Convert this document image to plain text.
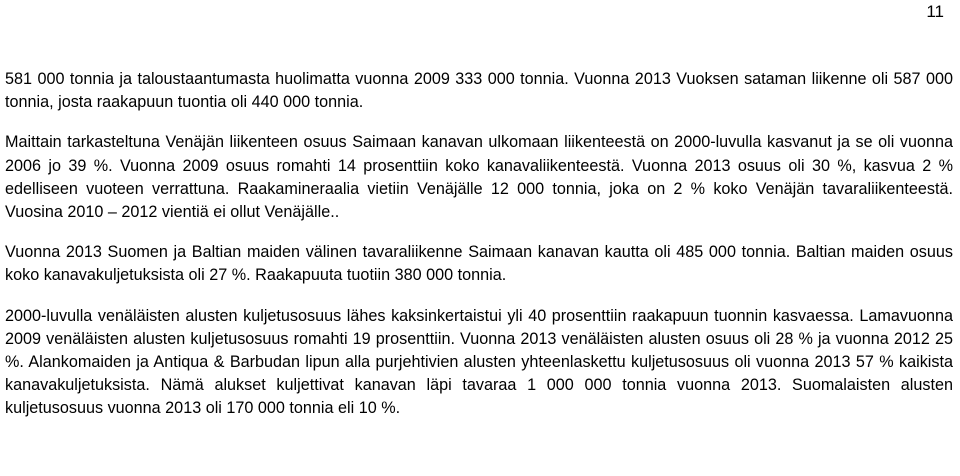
11

581 000 tonnia ja taloustaantumasta huolimatta vuonna 2009 333 000 tonnia. Vuonna 2013 Vuoksen sataman liikenne oli 587 000 tonnia, josta raakapuun tuontia oli 440 000 tonnia.

Maittain tarkasteltuna Venäjän liikenteen osuus Saimaan kanavan ulkomaan liikenteestä on 2000-luvulla kasvanut ja se oli vuonna 2006 jo 39 %. Vuonna 2009 osuus romahti 14 prosenttiin koko kanavaliikenteestä. Vuonna 2013 osuus oli 30 %, kasvua 2 % edelliseen vuoteen verrattuna. Raakamineraalia vietiin Venäjälle 12 000 tonnia, joka on 2 % koko Venäjän tavaraliikenteestä. Vuosina 2010 – 2012 vientiä ei ollut Venäjälle..

Vuonna 2013 Suomen ja Baltian maiden välinen tavaraliikenne Saimaan kanavan kautta oli 485 000 tonnia. Baltian maiden osuus koko kanavakuljetuksista oli 27 %. Raakapuuta tuotiin 380 000 tonnia.

2000-luvulla venäläisten alusten kuljetusosuus lähes kaksinkertaistui yli 40 prosenttiin raakapuun tuonnin kasvaessa. Lamavuonna 2009 venäläisten alusten kuljetusosuus romahti 19 prosenttiin. Vuonna 2013 venäläisten alusten osuus oli 28 % ja vuonna 2012 25 %. Alankomaiden ja Antiqua & Barbudan lipun alla purjehtivien alusten yhteenlaskettu kuljetusosuus oli vuonna 2013 57 % kaikista kanavakuljetuksista. Nämä alukset kuljettivat kanavan läpi tavaraa 1 000 000 tonnia vuonna 2013. Suomalaisten alusten kuljetusosuus vuonna 2013 oli 170 000 tonnia eli 10 %.
